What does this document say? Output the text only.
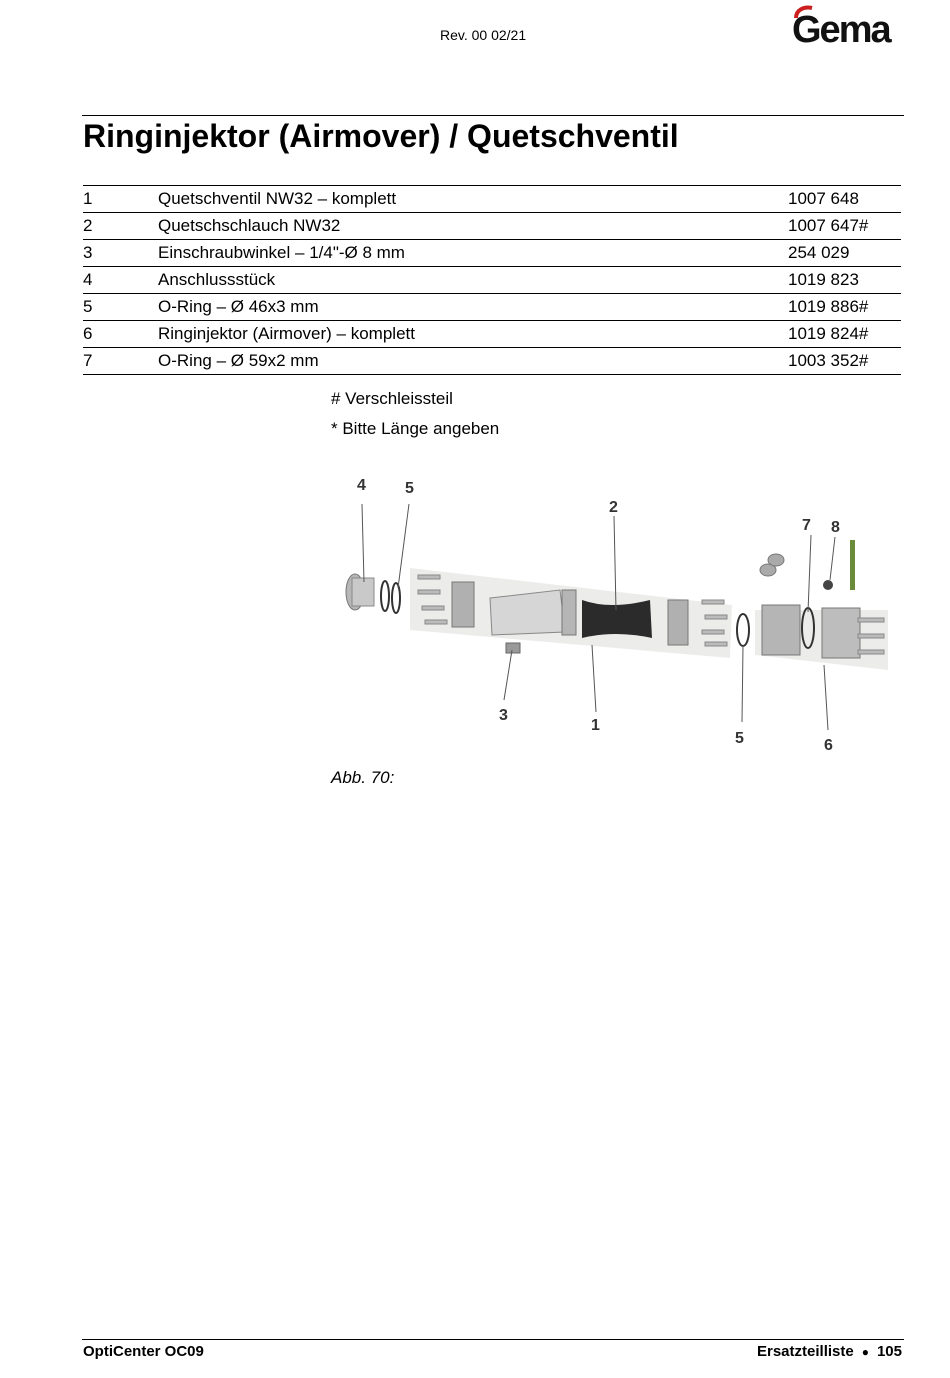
Rev. 00 02/21	Gema
Ringinjektor (Airmover) / Quetschventil
1	Quetschventil NW32 – komplett	1007 648
2	Quetschschlauch NW32	1007 647#
3	Einschraubwinkel – 1/4"-Ø 8 mm	254 029
4	Anschlussstück	1019 823
5	O-Ring – Ø 46x3 mm	1019 886#
6	Ringinjektor (Airmover) – komplett	1019 824#
7	O-Ring – Ø 59x2 mm	1003 352#
# Verschleissteil
* Bitte Länge angeben
4 5
2
7 8
3
1
5	6
Abb. 70:
OptiCenter OC09	Ersatzteilliste ● 105
